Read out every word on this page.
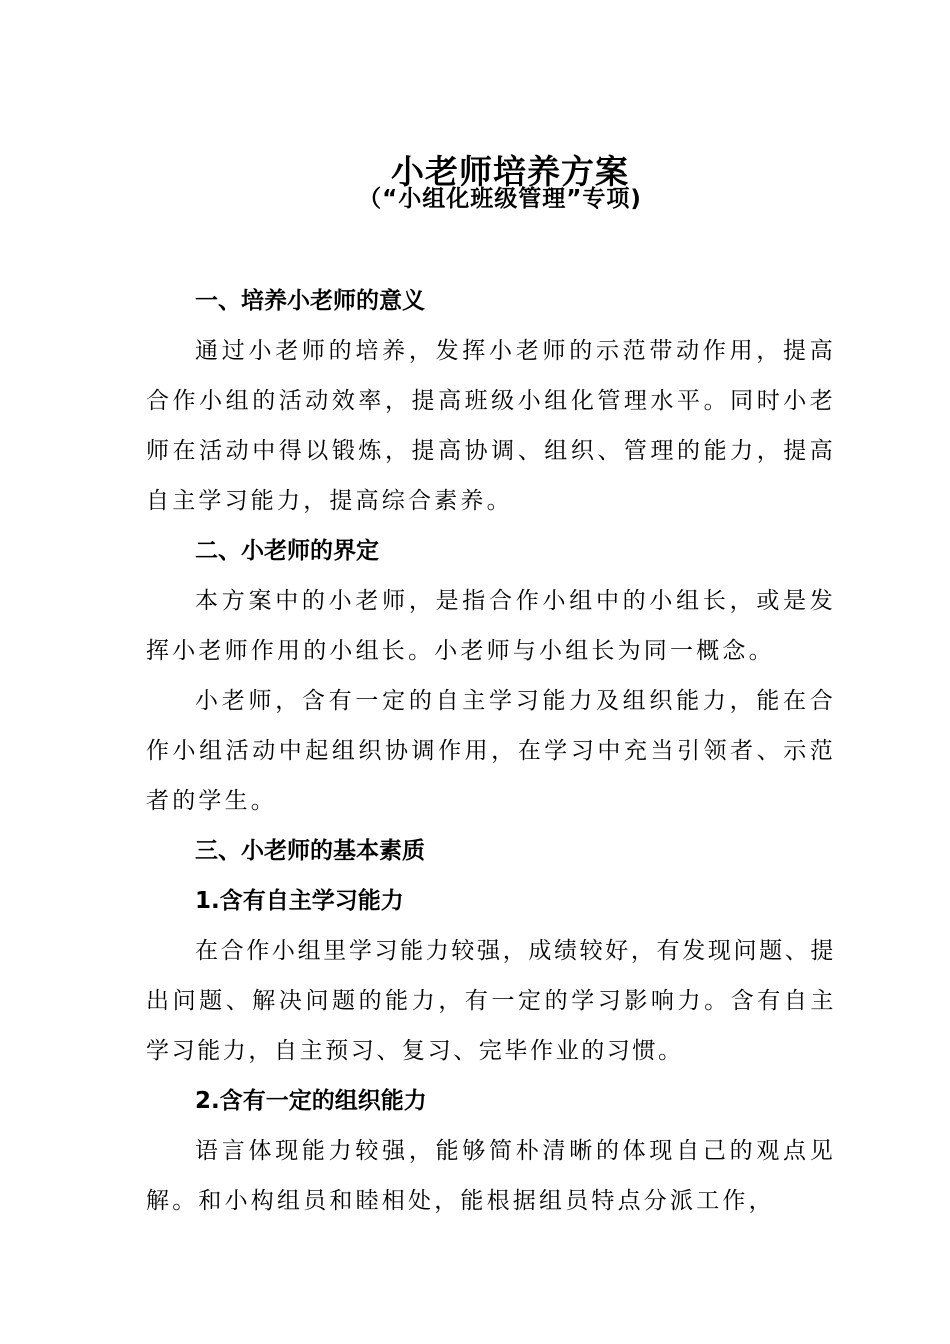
小老师培养方案
（“小组化班级管理”专项)
一、培养小老师的意义

通过小老师的培养，发挥小老师的示范带动作用，提高合作小组的活动效率，提高班级小组化管理水平。同时小老师在活动中得以锻炼，提高协调、组织、管理的能力，提高自主学习能力，提高综合素养。

二、小老师的界定

本方案中的小老师，是指合作小组中的小组长，或是发挥小老师作用的小组长。小老师与小组长为同一概念。

小老师，含有一定的自主学习能力及组织能力，能在合作小组活动中起组织协调作用，在学习中充当引领者、示范者的学生。

三、小老师的基本素质
1.含有自主学习能力

在合作小组里学习能力较强，成绩较好，有发现问题、提出问题、解决问题的能力，有一定的学习影响力。含有自主学习能力，自主预习、复习、完毕作业的习惯。

2.含有一定的组织能力

语言体现能力较强，能够简朴清晰的体现自己的观点见解。和小构组员和睦相处，能根据组员特点分派工作，
